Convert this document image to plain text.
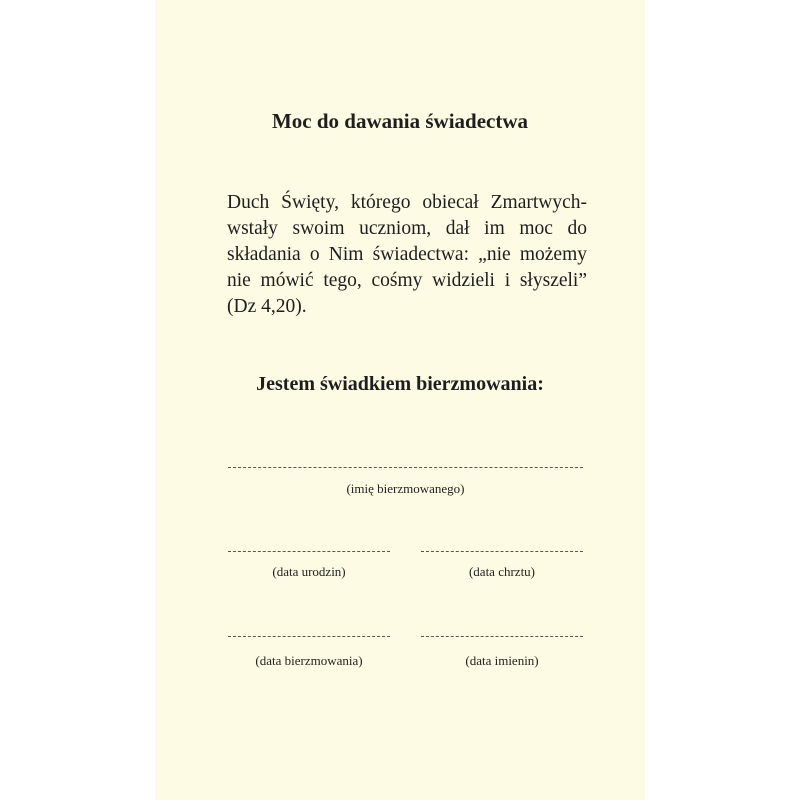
Moc do dawania świadectwa
Duch Święty, którego obiecał Zmartwych-
wstały swoim uczniom, dał im moc do
składania o Nim świadectwa: „nie możemy
nie mówić tego, cośmy widzieli i słyszeli”
(Dz 4,20).
Jestem świadkiem bierzmowania:
(imię bierzmowanego)
(data urodzin)	(data chrztu)
(data bierzmowania)	(data imienin)
